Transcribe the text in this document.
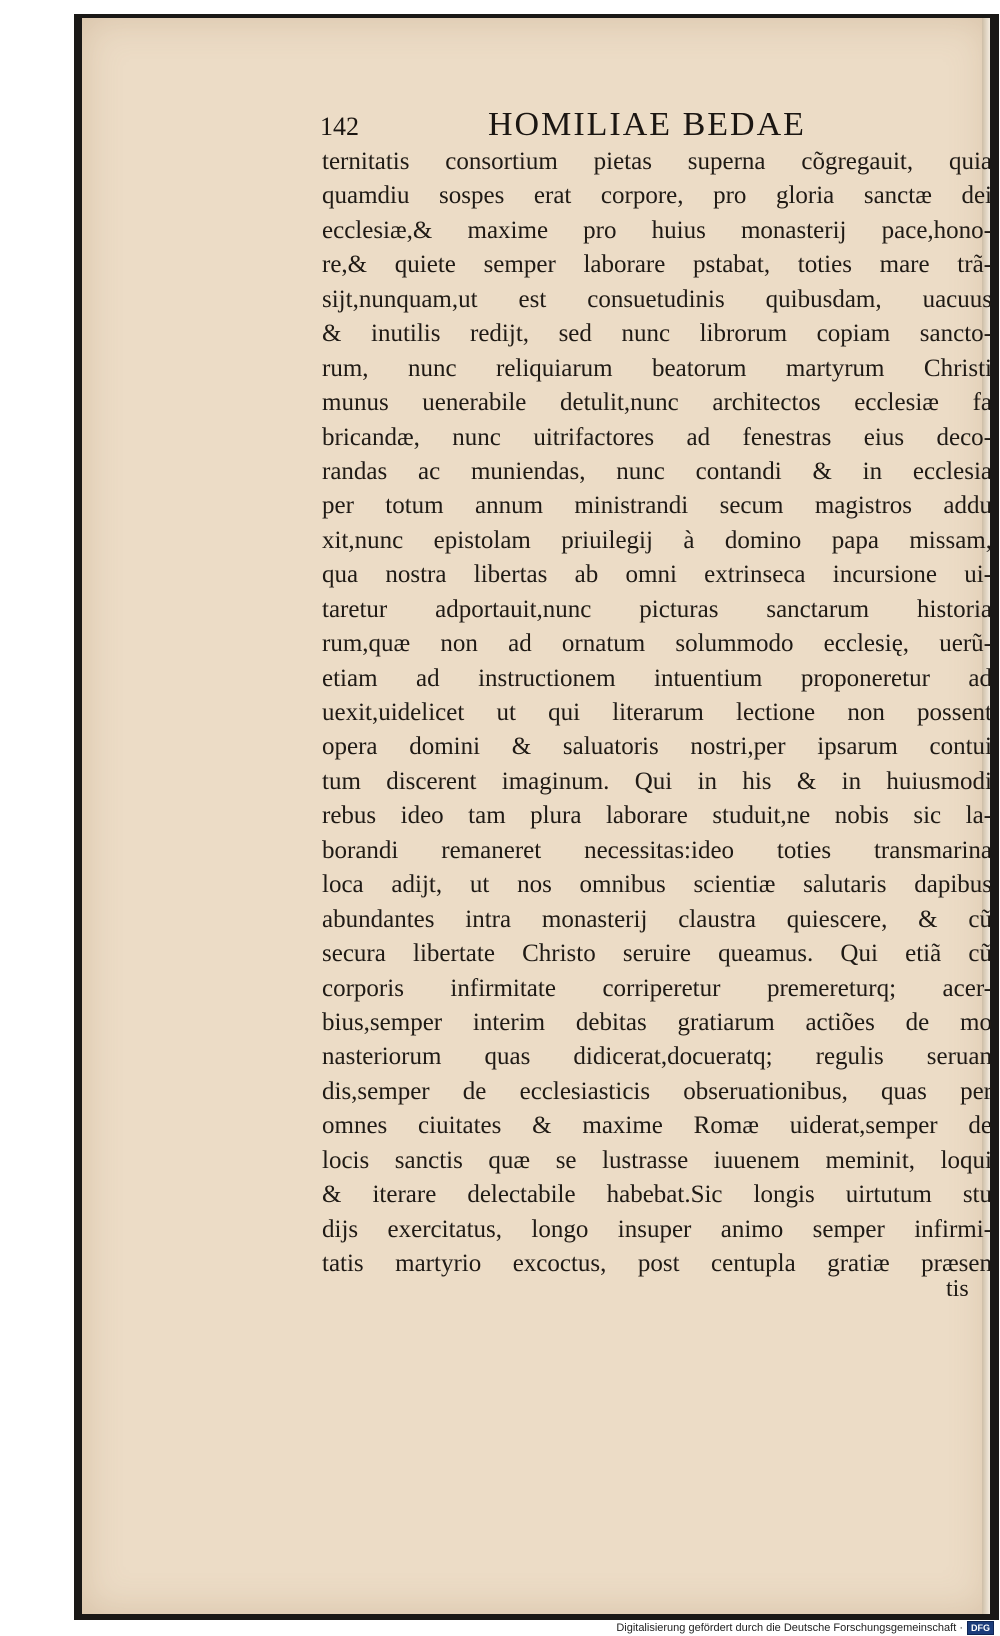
142	HOMILIAE BEDAE
ternitatis consortium pietas superna cõgregauit, quia
quamdiu sospes erat corpore, pro gloria sanctæ dei
ecclesiæ,& maxime pro huius monasterij pace,hono-
re,& quiete semper laborare pstabat, toties mare trã-
sijt,nunquam,ut est consuetudinis quibusdam, uacuus
& inutilis redijt, sed nunc librorum copiam sancto-
rum, nunc reliquiarum beatorum martyrum Christi
munus uenerabile detulit,nunc architectos ecclesiæ fa
bricandæ, nunc uitrifactores ad fenestras eius deco-
randas ac muniendas, nunc contandi & in ecclesia
per totum annum ministrandi secum magistros addu
xit,nunc epistolam priuilegij à domino papa missam,
qua nostra libertas ab omni extrinseca incursione ui-
taretur adportauit,nunc picturas sanctarum historia
rum,quæ non ad ornatum solummodo ecclesię, uerũ-
etiam ad instructionem intuentium proponeretur ad
uexit,uidelicet ut qui literarum lectione non possent
opera domini & saluatoris nostri,per ipsarum contui
tum discerent imaginum. Qui in his & in huiusmodi
rebus ideo tam plura laborare studuit,ne nobis sic la-
borandi remaneret necessitas:ideo toties transmarina
loca adijt, ut nos omnibus scientiæ salutaris dapibus
abundantes intra monasterij claustra quiescere, & cũ
secura libertate Christo seruire queamus. Qui etiã cũ
corporis infirmitate corriperetur premereturq; acer-
bius,semper interim debitas gratiarum actiões de mo
nasteriorum quas didicerat,docueratq; regulis seruan
dis,semper de ecclesiasticis obseruationibus, quas per
omnes ciuitates & maxime Romæ uiderat,semper de
locis sanctis quæ se lustrasse iuuenem meminit, loqui
& iterare delectabile habebat.Sic longis uirtutum stu
dijs exercitatus, longo insuper animo semper infirmi-
tatis martyrio excoctus, post centupla gratiæ præsen
tis
Digitalisierung gefördert durch die Deutsche Forschungsgemeinschaft · DFG
